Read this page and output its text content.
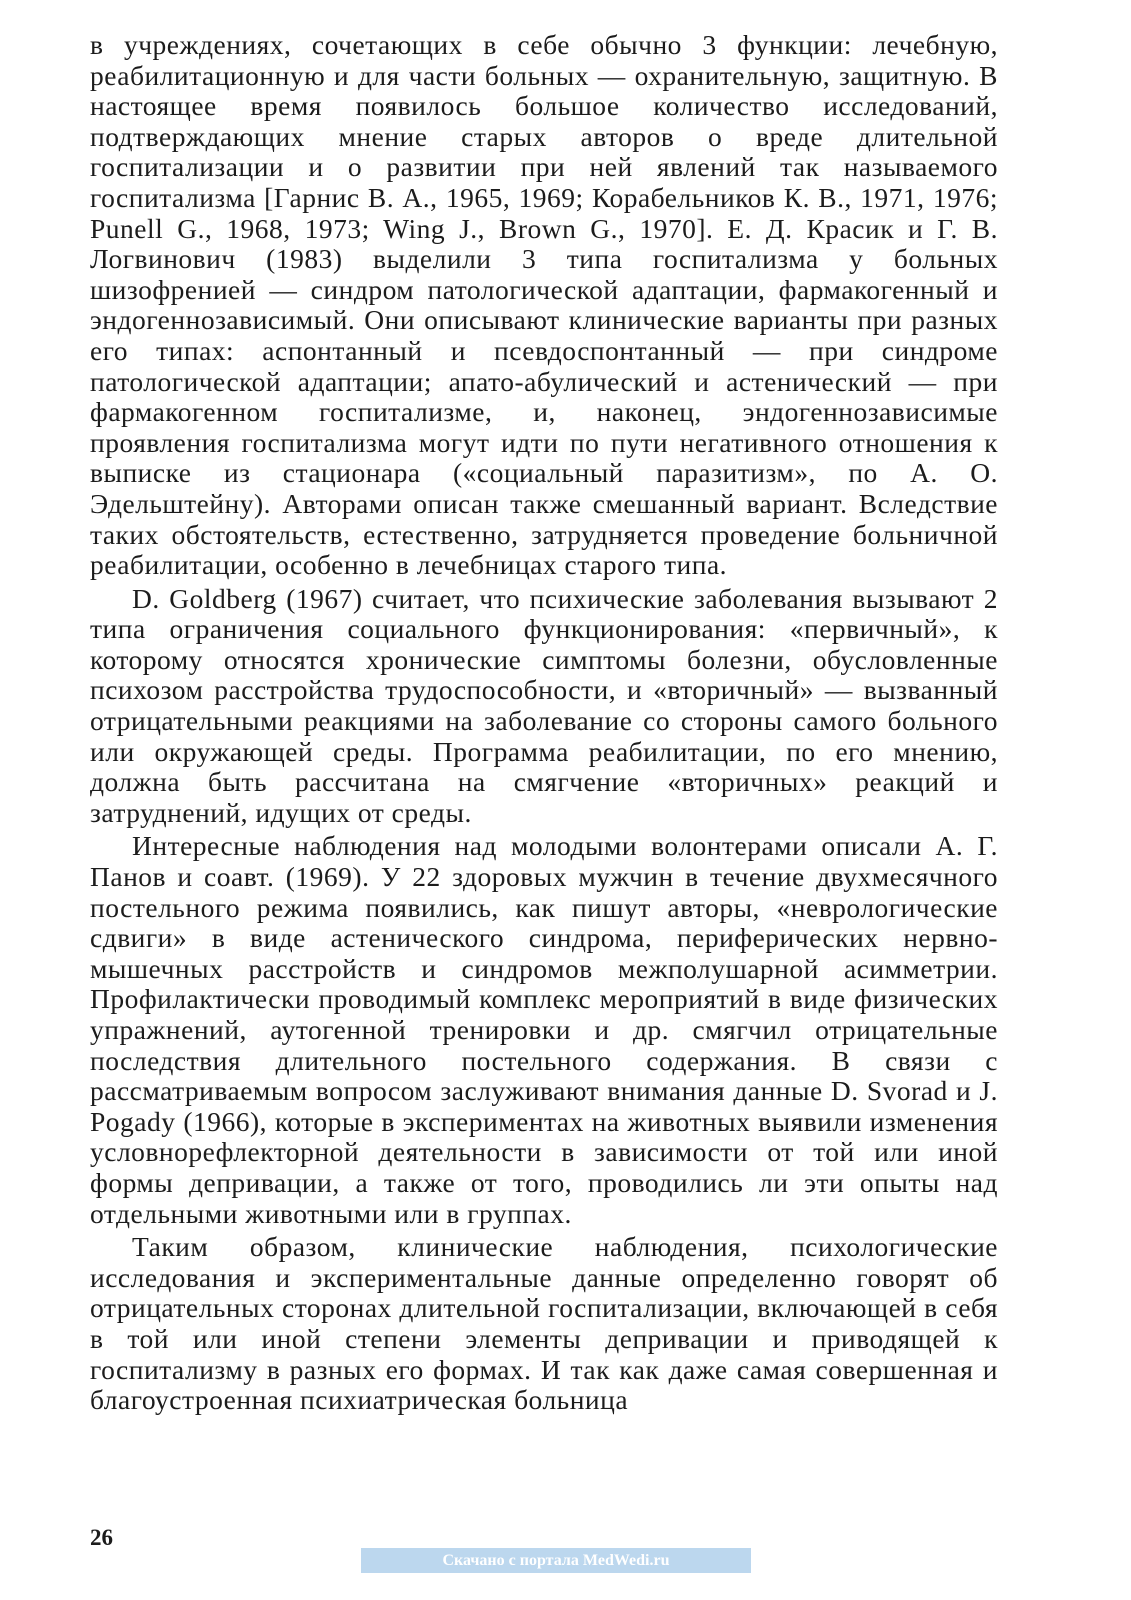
в учреждениях, сочетающих в себе обычно 3 функции: лечебную, реабилитационную и для части больных — охранительную, защитную. В настоящее время появилось большое количество исследований, подтверждающих мнение старых авторов о вреде длительной госпитализации и о развитии при ней явлений так называемого госпитализма [Гарнис В. А., 1965, 1969; Корабельников К. В., 1971, 1976; Punell G., 1968, 1973; Wing J., Brown G., 1970]. Е. Д. Красик и Г. В. Логвинович (1983) выделили 3 типа госпитализма у больных шизофренией — синдром патологической адаптации, фармакогенный и эндогеннозависимый. Они описывают клинические варианты при разных его типах: аспонтанный и псевдоспонтанный — при синдроме патологической адаптации; апато-абулический и астенический — при фармакогенном госпитализме, и, наконец, эндогеннозависимые проявления госпитализма могут идти по пути негативного отношения к выписке из стационара («социальный паразитизм», по А. О. Эдельштейну). Авторами описан также смешанный вариант. Вследствие таких обстоятельств, естественно, затрудняется проведение больничной реабилитации, особенно в лечебницах старого типа.

D. Goldberg (1967) считает, что психические заболевания вызывают 2 типа ограничения социального функционирования: «первичный», к которому относятся хронические симптомы болезни, обусловленные психозом расстройства трудоспособности, и «вторичный» — вызванный отрицательными реакциями на заболевание со стороны самого больного или окружающей среды. Программа реабилитации, по его мнению, должна быть рассчитана на смягчение «вторичных» реакций и затруднений, идущих от среды.

Интересные наблюдения над молодыми волонтерами описали А. Г. Панов и соавт. (1969). У 22 здоровых мужчин в течение двухмесячного постельного режима появились, как пишут авторы, «неврологические сдвиги» в виде астенического синдрома, периферических нервно-мышечных расстройств и синдромов межполушарной асимметрии. Профилактически проводимый комплекс мероприятий в виде физических упражнений, аутогенной тренировки и др. смягчил отрицательные последствия длительного постельного содержания. В связи с рассматриваемым вопросом заслуживают внимания данные D. Svorad и J. Pogady (1966), которые в экспериментах на животных выявили изменения условнорефлекторной деятельности в зависимости от той или иной формы депривации, а также от того, проводились ли эти опыты над отдельными животными или в группах.

Таким образом, клинические наблюдения, психологические исследования и экспериментальные данные определенно говорят об отрицательных сторонах длительной госпитализации, включающей в себя в той или иной степени элементы депривации и приводящей к госпитализму в разных его формах. И так как даже самая совершенная и благоустроенная психиатрическая больница

26
Скачано с портала MedWedi.ru
